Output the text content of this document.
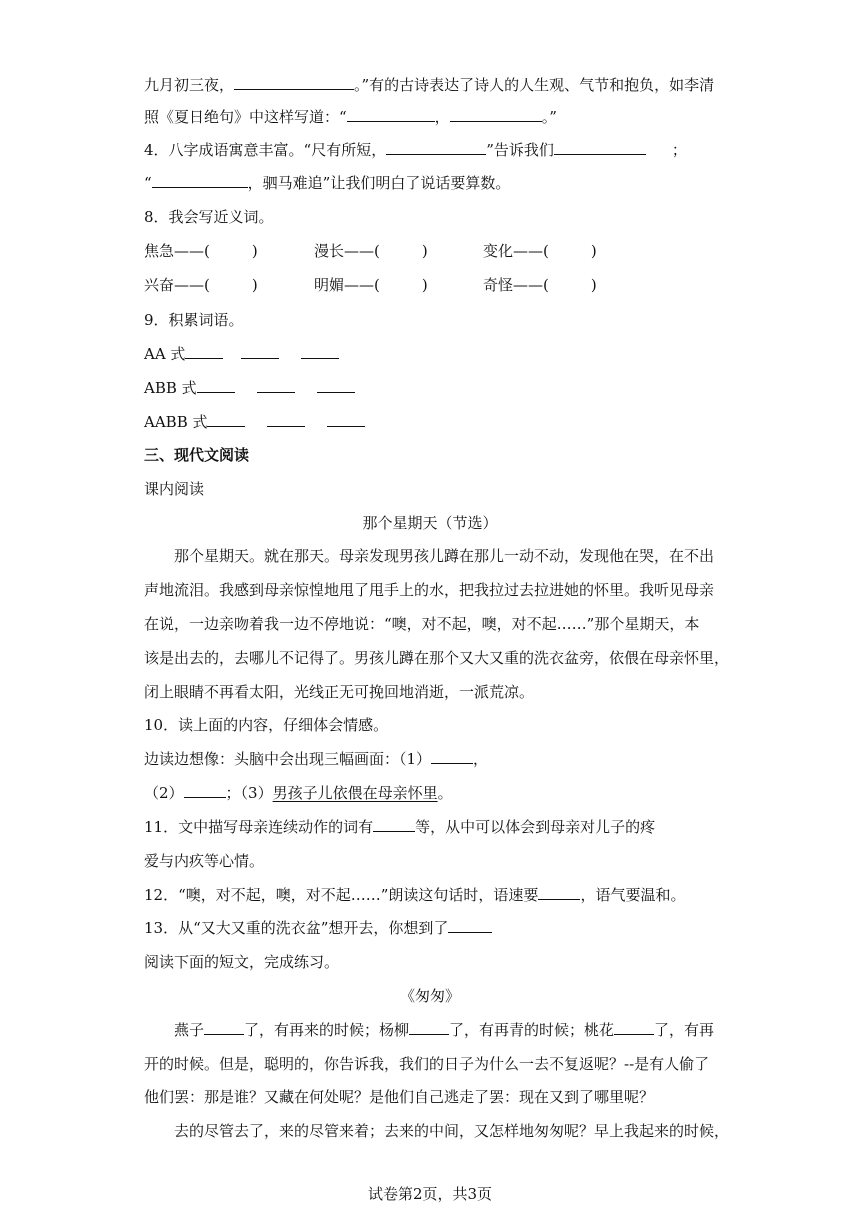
九月初三夜，	。”有的古诗表达了诗人的人生观、气节和抱负，如李清
照《夏日绝句》中这样写道：“	，	。”
4．八字成语寓意丰富。“尺有所短，	”告诉我们	；
“	，驷马难追”让我们明白了说话要算数。
8．我会写近义词。
焦急——(	)	漫长——(	)	变化——(	)
兴奋——(	)	明媚——(	)	奇怪——(	)
9．积累词语。
AA 式
ABB 式
AABB 式
三、现代文阅读
课内阅读
那个星期天（节选）
那个星期天。就在那天。母亲发现男孩儿蹲在那儿一动不动，发现他在哭，在不出
声地流泪。我感到母亲惊惶地甩了甩手上的水，把我拉过去拉进她的怀里。我听见母亲
在说，一边亲吻着我一边不停地说：“噢，对不起，噢，对不起……”那个星期天，本
该是出去的，去哪儿不记得了。男孩儿蹲在那个又大又重的洗衣盆旁，依偎在母亲怀里，
闭上眼睛不再看太阳，光线正无可挽回地消逝，一派荒凉。
10．读上面的内容，仔细体会情感。
边读边想像：头脑中会出现三幅画面：（1）	，
（2）	；（3）男孩子儿依偎在母亲怀里。
11．文中描写母亲连续动作的词有	等，从中可以体会到母亲对儿子的疼
爱与内疚等心情。
12．“噢，对不起，噢，对不起……”朗读这句话时，语速要	，语气要温和。
13．从“又大又重的洗衣盆”想开去，你想到了
阅读下面的短文，完成练习。
《匆匆》
燕子	了，有再来的时候；杨柳	了，有再青的时候；桃花	了，有再
开的时候。但是，聪明的，你告诉我，我们的日子为什么一去不复返呢？--是有人偷了
他们罢：那是谁？又藏在何处呢？是他们自己逃走了罢：现在又到了哪里呢？
去的尽管去了，来的尽管来着；去来的中间，又怎样地匆匆呢？早上我起来的时候，
试卷第2页，共3页
